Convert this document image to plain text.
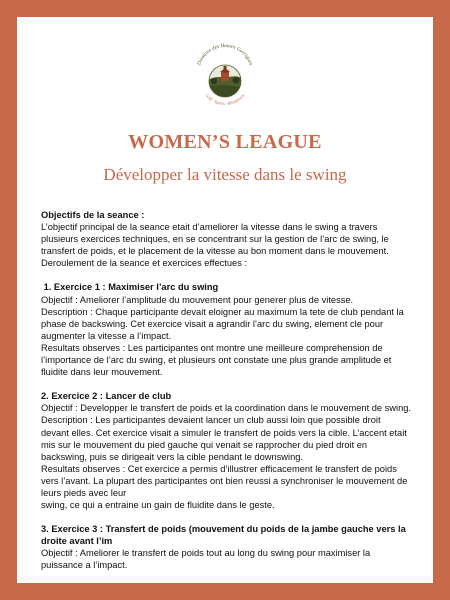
Domaine des Hautes Garrigues
Golf · Sports · Résidences
WOMEN’S LEAGUE
Développer la vitesse dans le swing

Objectifs de la seance :

L’objectif principal de la seance etait d’ameliorer la vitesse dans le swing a travers plusieurs exercices techniques, en se concentrant sur la gestion de l’arc de swing, le transfert de poids, et le placement de la vitesse au bon moment dans le mouvement. Deroulement de la seance et exercices effectues :

1. Exercice 1 : Maximiser l’arc du swing

Objectif : Ameliorer l’amplitude du mouvement pour generer plus de vitesse.

Description : Chaque participante devait eloigner au maximum la tete de club pendant la phase de backswing. Cet exercice visait a agrandir l’arc du swing, element cle pour augmenter la vitesse a l’impact.

Resultats observes : Les participantes ont montre une meilleure comprehension de l’importance de l’arc du swing, et plusieurs ont constate une plus grande amplitude et fluidite dans leur mouvement.

2. Exercice 2 : Lancer de club

Objectif : Developper le transfert de poids et la coordination dans le mouvement de swing. Description : Les participantes devaient lancer un club aussi loin que possible droit devant elles. Cet exercice visait a simuler le transfert de poids vers la cible. L’accent etait mis sur le mouvement du pied gauche qui venait se rapprocher du pied droit en backswing, puis se dirigeait vers la cible pendant le downswing.

Resultats observes : Cet exercice a permis d’illustrer efficacement le transfert de poids vers l’avant. La plupart des participantes ont bien reussi a synchroniser le mouvement de leurs pieds avec leur

swing, ce qui a entraine un gain de fluidite dans le geste.

3. Exercice 3 : Transfert de poids (mouvement du poids de la jambe gauche vers la droite avant l’im

Objectif : Ameliorer le transfert de poids tout au long du swing pour maximiser la puissance a l’impact.
